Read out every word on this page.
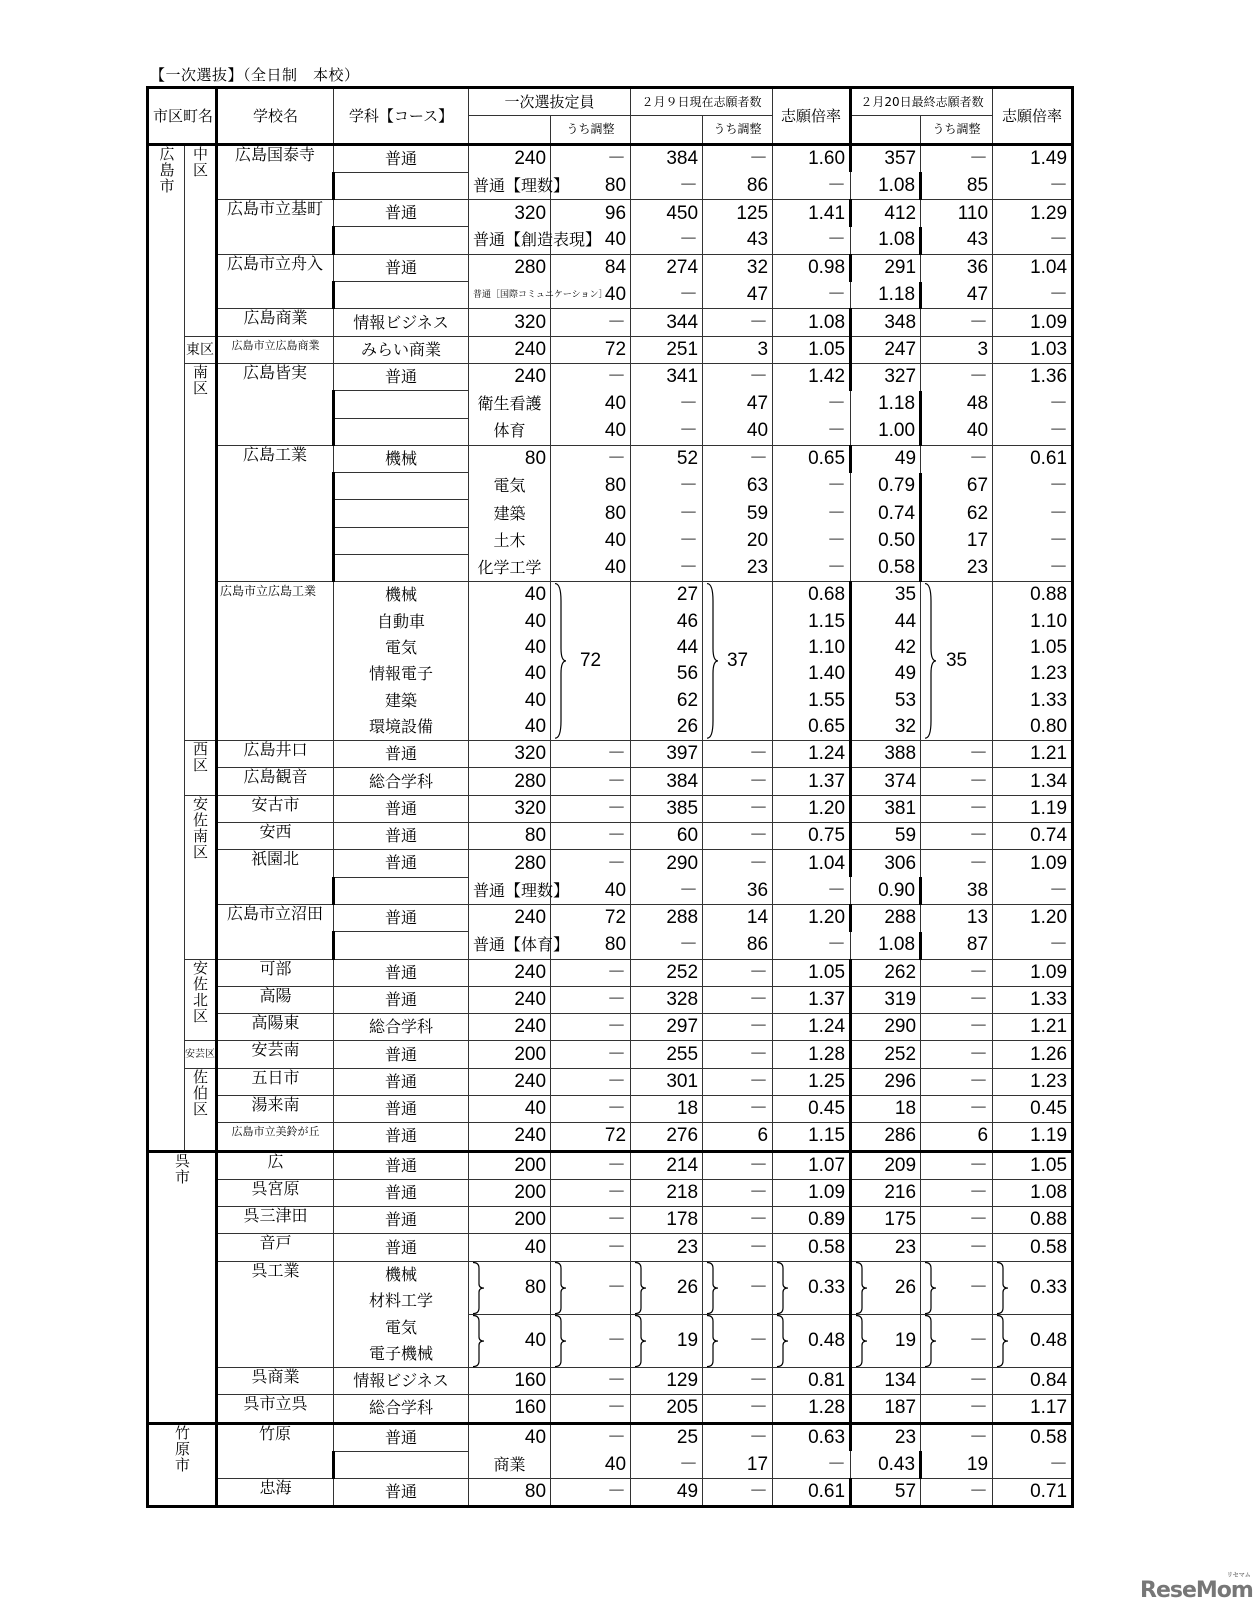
【一次選抜】（全日制　本校）
市区町名		学校名	学科【コース】	一次選抜定員		２月９日現在志願者数		志願倍率	２月20日最終志願者数		志願倍率	
					うち調整		うち調整			うち調整		

広島市	中区	広島国泰寺	普通	240	－	384	－	1.60	357	－	1.49	
				普通【理数】	80	－	86	－	1.08	85	－	
		広島市立基町	普通	320	96	450	125	1.41	412	110	1.29	
				普通【創造表現】	40	－	43	－	1.08	43	－	
		広島市立舟入	普通	280	84	274	32	0.98	291	36	1.04	
				普通［国際コミュニケーション］	40	－	47	－	1.18	47	－	
		広島商業	情報ビジネス	320	－	344	－	1.08	348	－	1.09	
	東区	広島市立広島商業	みらい商業	240	72	251	3	1.05	247	3	1.03	

	南区	広島皆実	普通	240	－	341	－	1.42	327	－	1.36	
				衛生看護	40	－	47	－	1.18	48	－	
				体育	40	－	40	－	1.00	40	－	
		広島工業	機械	80	－	52	－	0.65	49	－	0.61	
				電気	80	－	63	－	0.79	67	－	
				建築	80	－	59	－	0.74	62	－	
				土木	40	－	20	－	0.50	17	－	
				化学工学	40	－	23	－	0.58	23	－	
		広島市立広島工業	機械	40	72	27	37	0.68	35	35	0.88	
			自動車	40		46		1.15	44		1.10	
			電気	40		44		1.10	42		1.05	
			情報電子	40		56		1.40	49		1.23	
			建築	40		62		1.55	53		1.33	
			環境設備	40		26		0.65	32		0.80	

	西区	広島井口	普通	320	－	397	－	1.24	388	－	1.21	
		広島観音	総合学科	280	－	384	－	1.37	374	－	1.34	

	安佐南区	安古市	普通	320	－	385	－	1.20	381	－	1.19	
		安西	普通	80	－	60	－	0.75	59	－	0.74	
		祇園北	普通	280	－	290	－	1.04	306	－	1.09	
				普通【理数】	40	－	36	－	0.90	38	－	
		広島市立沼田	普通	240	72	288	14	1.20	288	13	1.20	
				普通【体育】	80	－	86	－	1.08	87	－	

	安佐北区	可部	普通	240	－	252	－	1.05	262	－	1.09	
		高陽	普通	240	－	328	－	1.37	319	－	1.33	
		高陽東	総合学科	240	－	297	－	1.24	290	－	1.21	
	安芸区	安芸南	普通	200	－	255	－	1.28	252	－	1.26	

	佐伯区	五日市	普通	240	－	301	－	1.25	296	－	1.23	
		湯来南	普通	40	－	18	－	0.45	18	－	0.45	
		広島市立美鈴が丘	普通	240	72	276	6	1.15	286	6	1.19	

呉市		広	普通	200	－	214	－	1.07	209	－	1.05	
		呉宮原	普通	200	－	218	－	1.09	216	－	1.08	
		呉三津田	普通	200	－	178	－	0.89	175	－	0.88	
		音戸	普通	40	－	23	－	0.58	23	－	0.58	
		呉工業	機械	80	－	26	－	0.33	26	－	0.33	
			材料工学									
			電気	40	－	19	－	0.48	19	－	0.48	
			電子機械									
		呉商業	情報ビジネス	160	－	129	－	0.81	134	－	0.84	
		呉市立呉	総合学科	160	－	205	－	1.28	187	－	1.17	

竹原市		竹原	普通	40	－	25	－	0.63	23	－	0.58	
				商業	40	－	17	－	0.43	19	－	
		忠海	普通	80	－	49	－	0.61	57	－	0.71	
ReseMom
リセマム
